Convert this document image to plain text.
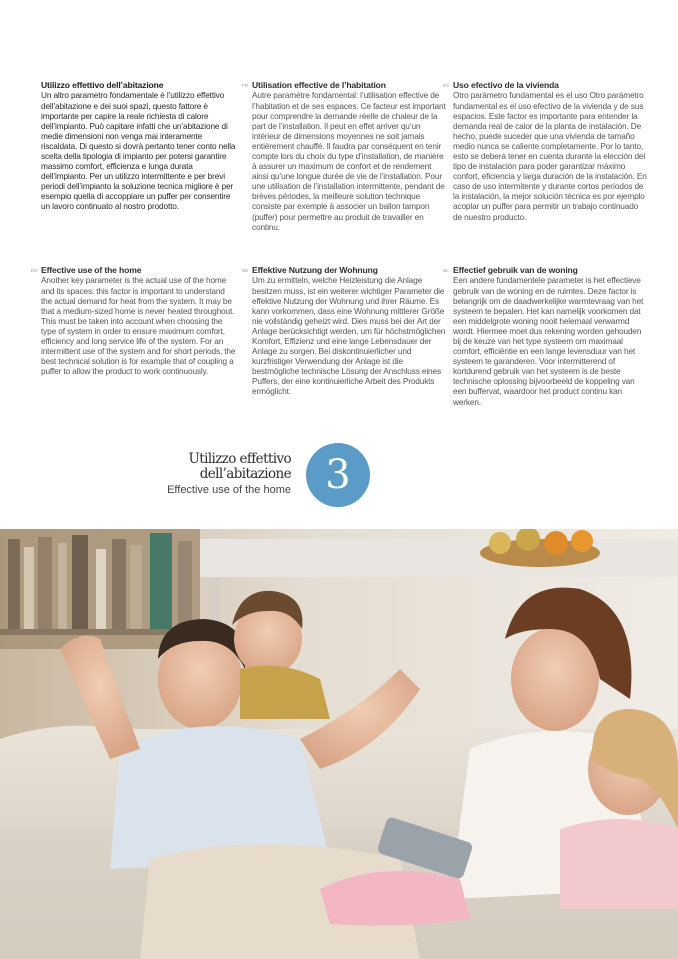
Utilizzo effettivo dell’abitazione
Un altro parametro fondamentale è l’utilizzo effettivo dell’abitazione e dei suoi spazi, questo fattore è importante per capire la reale richiesta di calore dell’impianto. Può capitare infatti che un’abitazione di medie dimensioni non venga mai interamente riscaldata. Di questo si dovrà pertanto tener conto nella scelta della tipologia di impianto per potersi garantire massimo comfort, efficienza e lunga durata dell’impianto. Per un utilizzo intermittente e per brevi periodi dell’impianto la soluzione tecnica migliore è per esempio quella di accoppiare un puffer per consentire un lavoro continuato al nostro prodotto.
FR Utilisation effective de l’habitation
Autre paramètre fondamental: l’utilisation effective de l’habitation et de ses espaces. Ce facteur est important pour comprendre la demande réelle de chaleur de la part de l’installation. Il peut en effet arriver qu’un intérieur de dimensions moyennes ne soit jamais entièrement chauffé. Il faudra par conséquent en tenir compte lors du choix du type d’installation, de manière à assurer un maximum de confort et de rendement ainsi qu’une longue durée de vie de l’installation. Pour une utilisation de l’installation intermittente, pendant de brèves périodes, la meilleure solution technique consiste par exemple à associer un ballon tampon (puffer) pour permettre au produit de travailler en continu.
ES Uso efectivo de la vivienda
Otro parámetro fundamental es el uso Otro parámetro fundamental es el uso efectivo de la vivienda y de sus espacios. Este factor es importante para entender la demanda real de calor de la planta de instalación. De hecho, puede suceder que una vivienda de tamaño medio nunca se caliente completamente. Por lo tanto, esto se deberá tener en cuenta durante la elección del tipo de instalación para poder garantizar máximo confort, eficiencia y larga duración de la instalación. En caso de uso intermitente y durante cortos períodos de la instalación, la mejor solución técnica es por ejemplo acoplar un puffer para permitir un trabajo continuado de nuestro producto.
EN Effective use of the home
Another key parameter is the actual use of the home and its spaces: this factor is important to understand the actual demand for heat from the system. It may be that a medium-sized home is never heated throughout. This must be taken into account when choosing the type of system in order to ensure maximum comfort, efficiency and long service life of the system. For an intermittent use of the system and for short periods, the best technical solution is for example that of coupling a puffer to allow the product to work continuously.
DE Effektive Nutzung der Wohnung
Um zu ermitteln, welche Heizleistung die Anlage besitzen muss, ist ein weiterer wichtiger Parameter die effektive Nutzung der Wohnung und ihrer Räume. Es kann vorkommen, dass eine Wohnung mittlerer Größe nie vollständig geheizt wird. Dies muss bei der Art der Anlage berücksichtigt werden, um für höchstmöglichen Komfort, Effizienz und eine lange Lebensdauer der Anlage zu sorgen. Bei diskontinuierlicher und kurzfristiger Verwendung der Anlage ist die bestmögliche technische Lösung der Anschluss eines Puffers, der eine kontinuierliche Arbeit des Produkts ermöglicht.
NL Effectief gebruik van de woning
Een andere fundamentele parameter is het effectieve gebruik van de woning en de ruimtes. Deze factor is belangrijk om de daadwerkelijke warmtevraag van het systeem te bepalen. Het kan namelijk voorkomen dat een middelgrote woning nooit helemaal verwarmd wordt. Hiermee moet dus rekening worden gehouden bij de keuze van het type systeem om maximaal comfort, efficiëntie en een lange levensduur van het systeem te garanderen. Voor intermitterend of kortdurend gebruik van het systeem is de beste technische oplossing bijvoorbeeld de koppeling van een buffervat, waardoor het product continu kan werken.
Utilizzo effettivo
dell’abitazione
Effective use of the home 3
